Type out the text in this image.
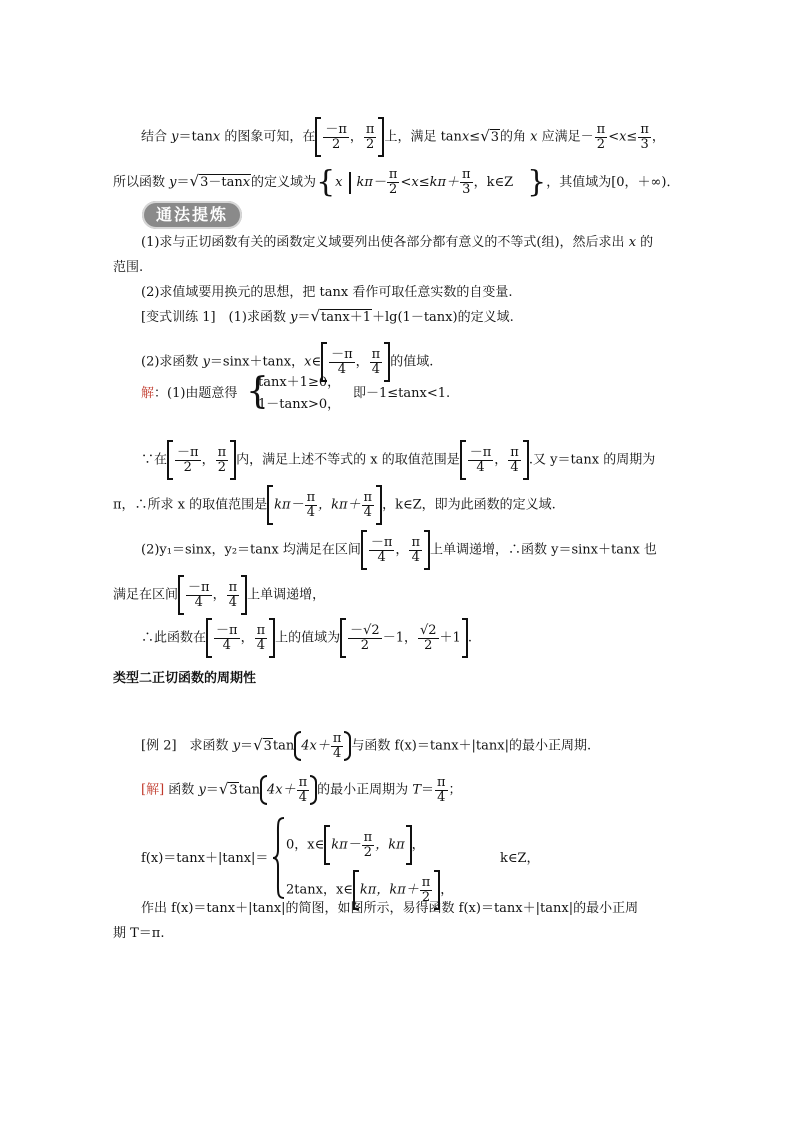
结合 y＝tanx 的图象可知，在 $\frac{-\pi}{2}$ ， $\frac{\pi}{2}$ 上，满足 tanx≤√3的角 x 应满足－ $\frac{\pi}{2} <x\le \frac{\pi}{3}$ ，
所以函数 y＝√3－tanx的定义域为{x $k\pi- \frac{\pi}{2} <x\le k\pi+ \frac{\pi}{3}$ ，k∈Z }，其值域为[0，＋∞)．
通法提炼
(1)求与正切函数有关的函数定义域要列出使各部分都有意义的不等式(组)，然后求出 x 的
范围.
(2)求值域要用换元的思想，把 tanx 看作可取任意实数的自变量.
[变式训练 1]　(1)求函数 y＝√tanx＋1＋lg(1－tanx)的定义域.
(2)求函数 y＝sinx＋tanx，x∈ $\frac{-\pi}{4}$ ， $\frac{\pi}{4}$ 的值域.
解：(1)由题意得 {
tanx＋1≥0，
1－tanx>0，
即－1≤tanx<1.
∵在 $\frac{-\pi}{2}$ ， $\frac{\pi}{2}$ 内，满足上述不等式的 x 的取值范围是 $\frac{-\pi}{4}$ ， $\frac{\pi}{4}$ .又 y＝tanx 的周期为
π，∴所求 x 的取值范围是 $k\pi- \frac{\pi}{4}$ ，$k\pi+ \frac{\pi}{4}$ ，k∈Z，即为此函数的定义域.
(2)y₁＝sinx，y₂＝tanx 均满足在区间 $\frac{-\pi}{4}$ ， $\frac{\pi}{4}$ 上单调递增，∴函数 y＝sinx＋tanx 也
满足在区间 $\frac{-\pi}{4}$ ， $\frac{\pi}{4}$ 上单调递增，
∴此函数在 $\frac{-\pi}{4}$ ， $\frac{\pi}{4}$ 上的值域为 $\frac{-√2}{2} -1$， $\frac{√2}{2} +1$ .
类型二正切函数的周期性
[例 2]　求函数 y＝√3tan $4x+ \frac{\pi}{4}$ 与函数 f(x)＝tanx＋|tanx|的最小正周期.
[解] 函数 y＝√3tan $4x+ \frac{\pi}{4}$ 的最小正周期为 $T= \frac{\pi}{4}$ ；
f(x)＝tanx＋|tanx|＝
0，x∈ $k\pi- \frac{\pi}{2}$ ，kπ ，
2tanx，x∈ kπ，$k\pi+ \frac{\pi}{2}$ ，
k∈Z，
作出 f(x)＝tanx＋|tanx|的简图，如图所示，易得函数 f(x)＝tanx＋|tanx|的最小正周
期 T＝π.
